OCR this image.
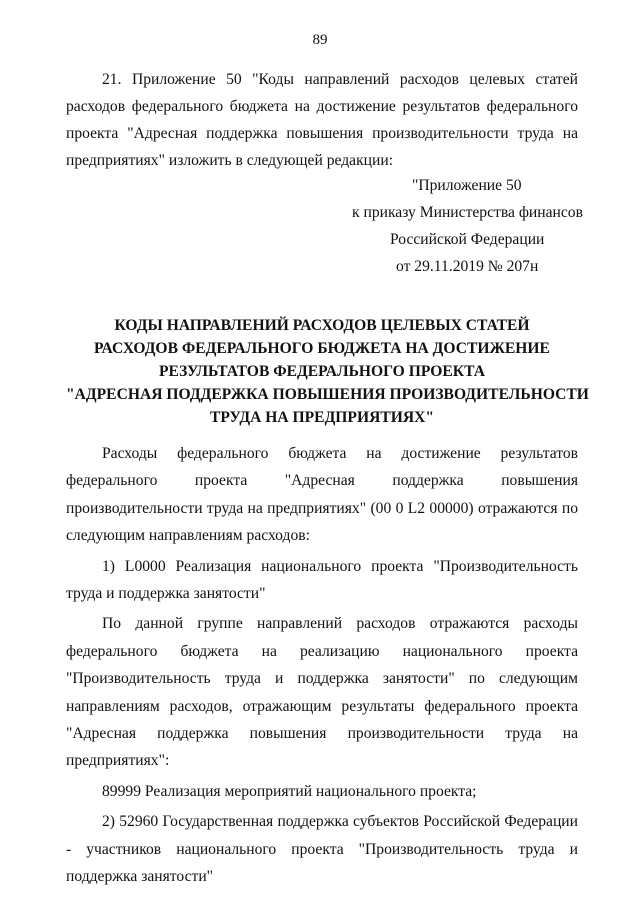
89

21. Приложение 50 "Коды направлений расходов целевых статей расходов федерального бюджета на достижение результатов федерального проекта "Адресная поддержка повышения производительности труда на предприятиях" изложить в следующей редакции:

"Приложение 50
к приказу Министерства финансов
Российской Федерации
от 29.11.2019 № 207н
КОДЫ НАПРАВЛЕНИЙ РАСХОДОВ ЦЕЛЕВЫХ СТАТЕЙ
РАСХОДОВ ФЕДЕРАЛЬНОГО БЮДЖЕТА НА ДОСТИЖЕНИЕ
РЕЗУЛЬТАТОВ ФЕДЕРАЛЬНОГО ПРОЕКТА
"АДРЕСНАЯ ПОДДЕРЖКА ПОВЫШЕНИЯ ПРОИЗВОДИТЕЛЬНОСТИ
ТРУДА НА ПРЕДПРИЯТИЯХ"

Расходы федерального бюджета на достижение результатов федерального проекта "Адресная поддержка повышения производительности труда на предприятиях" (00 0 L2 00000) отражаются по следующим направлениям расходов:

1) L0000 Реализация национального проекта "Производительность труда и поддержка занятости"

По данной группе направлений расходов отражаются расходы федерального бюджета на реализацию национального проекта "Производительность труда и поддержка занятости" по следующим направлениям расходов, отражающим результаты федерального проекта "Адресная поддержка повышения производительности труда на предприятиях":

89999 Реализация мероприятий национального проекта;

2) 52960 Государственная поддержка субъектов Российской Федерации - участников национального проекта "Производительность труда и поддержка занятости"
